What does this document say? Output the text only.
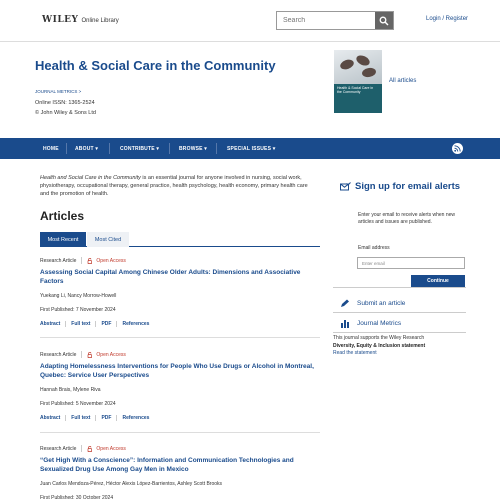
WILEY Online Library
Search	Login / Register
Health & Social Care in the Community
JOURNAL METRICS >
Online ISSN: 1365-2524
© John Wiley & Sons Ltd
Health & Social Care in the Community
All articles
HOME	ABOUT ▾	CONTRIBUTE ▾	BROWSE ▾	SPECIAL ISSUES ▾
Health and Social Care in the Community is an essential journal for anyone involved in nursing, social work, physiotherapy, occupational therapy, general practice, health psychology, health economy, primary health care and the promotion of health.
Articles
Most Recent	Most Cited
Research Article	Open Access
Assessing Social Capital Among Chinese Older Adults: Dimensions and Associative Factors
Yuekang Li, Nancy Morrow-Howell
First Published: 7 November 2024
Abstract Full text PDF References
Research Article	Open Access
Adapting Homelessness Interventions for People Who Use Drugs or Alcohol in Montreal, Quebec: Service User Perspectives
Hannah Brais, Mylene Riva
First Published: 5 November 2024
Abstract Full text PDF References
Research Article	Open Access
“Get High With a Conscience”: Information and Communication Technologies and Sexualized Drug Use Among Gay Men in Mexico
Juan Carlos Mendoza-Pérez, Héctor Alexis López-Barrientos, Ashley Scott Brooks
First Published: 30 October 2024
Sign up for email alerts
Enter your email to receive alerts when new articles and issues are published.
Email address
Enter email
Continue
Submit an article
Journal Metrics
This journal supports the Wiley Research
Diversity, Equity & Inclusion statement
Read the statement
